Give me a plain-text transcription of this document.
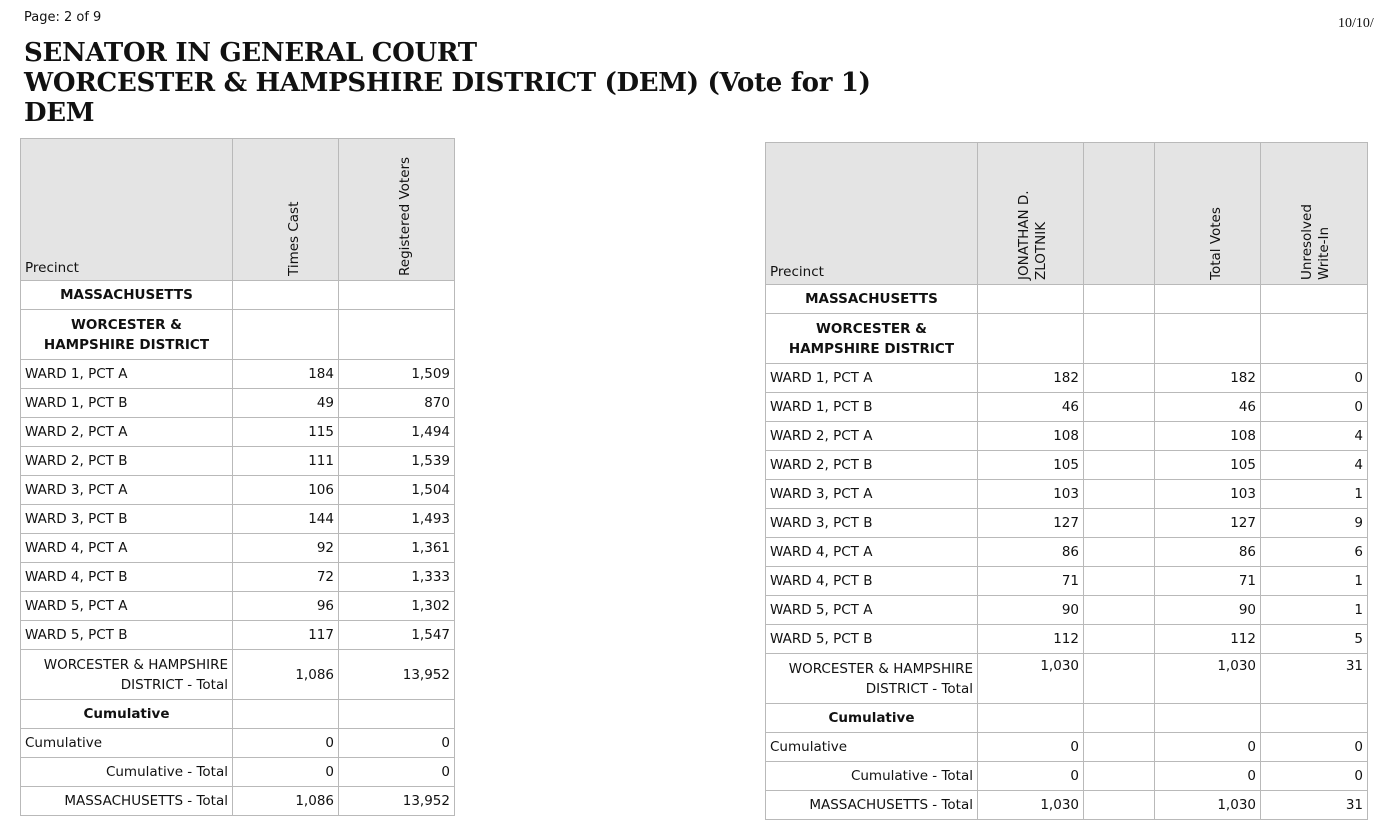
Page: 2 of 9	10/10/
SENATOR IN GENERAL COURT
WORCESTER & HAMPSHIRE DISTRICT (DEM) (Vote for 1)
DEM
Precinct	Times Cast	Registered Voters

MASSACHUSETTS		
WORCESTER & HAMPSHIRE DISTRICT		
WARD 1, PCT A	184	1,509
WARD 1, PCT B	49	870
WARD 2, PCT A	115	1,494
WARD 2, PCT B	111	1,539
WARD 3, PCT A	106	1,504
WARD 3, PCT B	144	1,493
WARD 4, PCT A	92	1,361
WARD 4, PCT B	72	1,333
WARD 5, PCT A	96	1,302
WARD 5, PCT B	117	1,547
WORCESTER & HAMPSHIRE DISTRICT - Total	1,086	13,952
Cumulative		
Cumulative	0	0
Cumulative - Total	0	0
MASSACHUSETTS - Total	1,086	13,952
Precinct	JONATHAN D. ZLOTNIK		Total Votes	Unresolved Write-In

MASSACHUSETTS				
WORCESTER & HAMPSHIRE DISTRICT				
WARD 1, PCT A	182		182	0
WARD 1, PCT B	46		46	0
WARD 2, PCT A	108		108	4
WARD 2, PCT B	105		105	4
WARD 3, PCT A	103		103	1
WARD 3, PCT B	127		127	9
WARD 4, PCT A	86		86	6
WARD 4, PCT B	71		71	1
WARD 5, PCT A	90		90	1
WARD 5, PCT B	112		112	5
WORCESTER & HAMPSHIRE DISTRICT - Total	1,030		1,030	31
Cumulative				
Cumulative	0		0	0
Cumulative - Total	0		0	0
MASSACHUSETTS - Total	1,030		1,030	31
